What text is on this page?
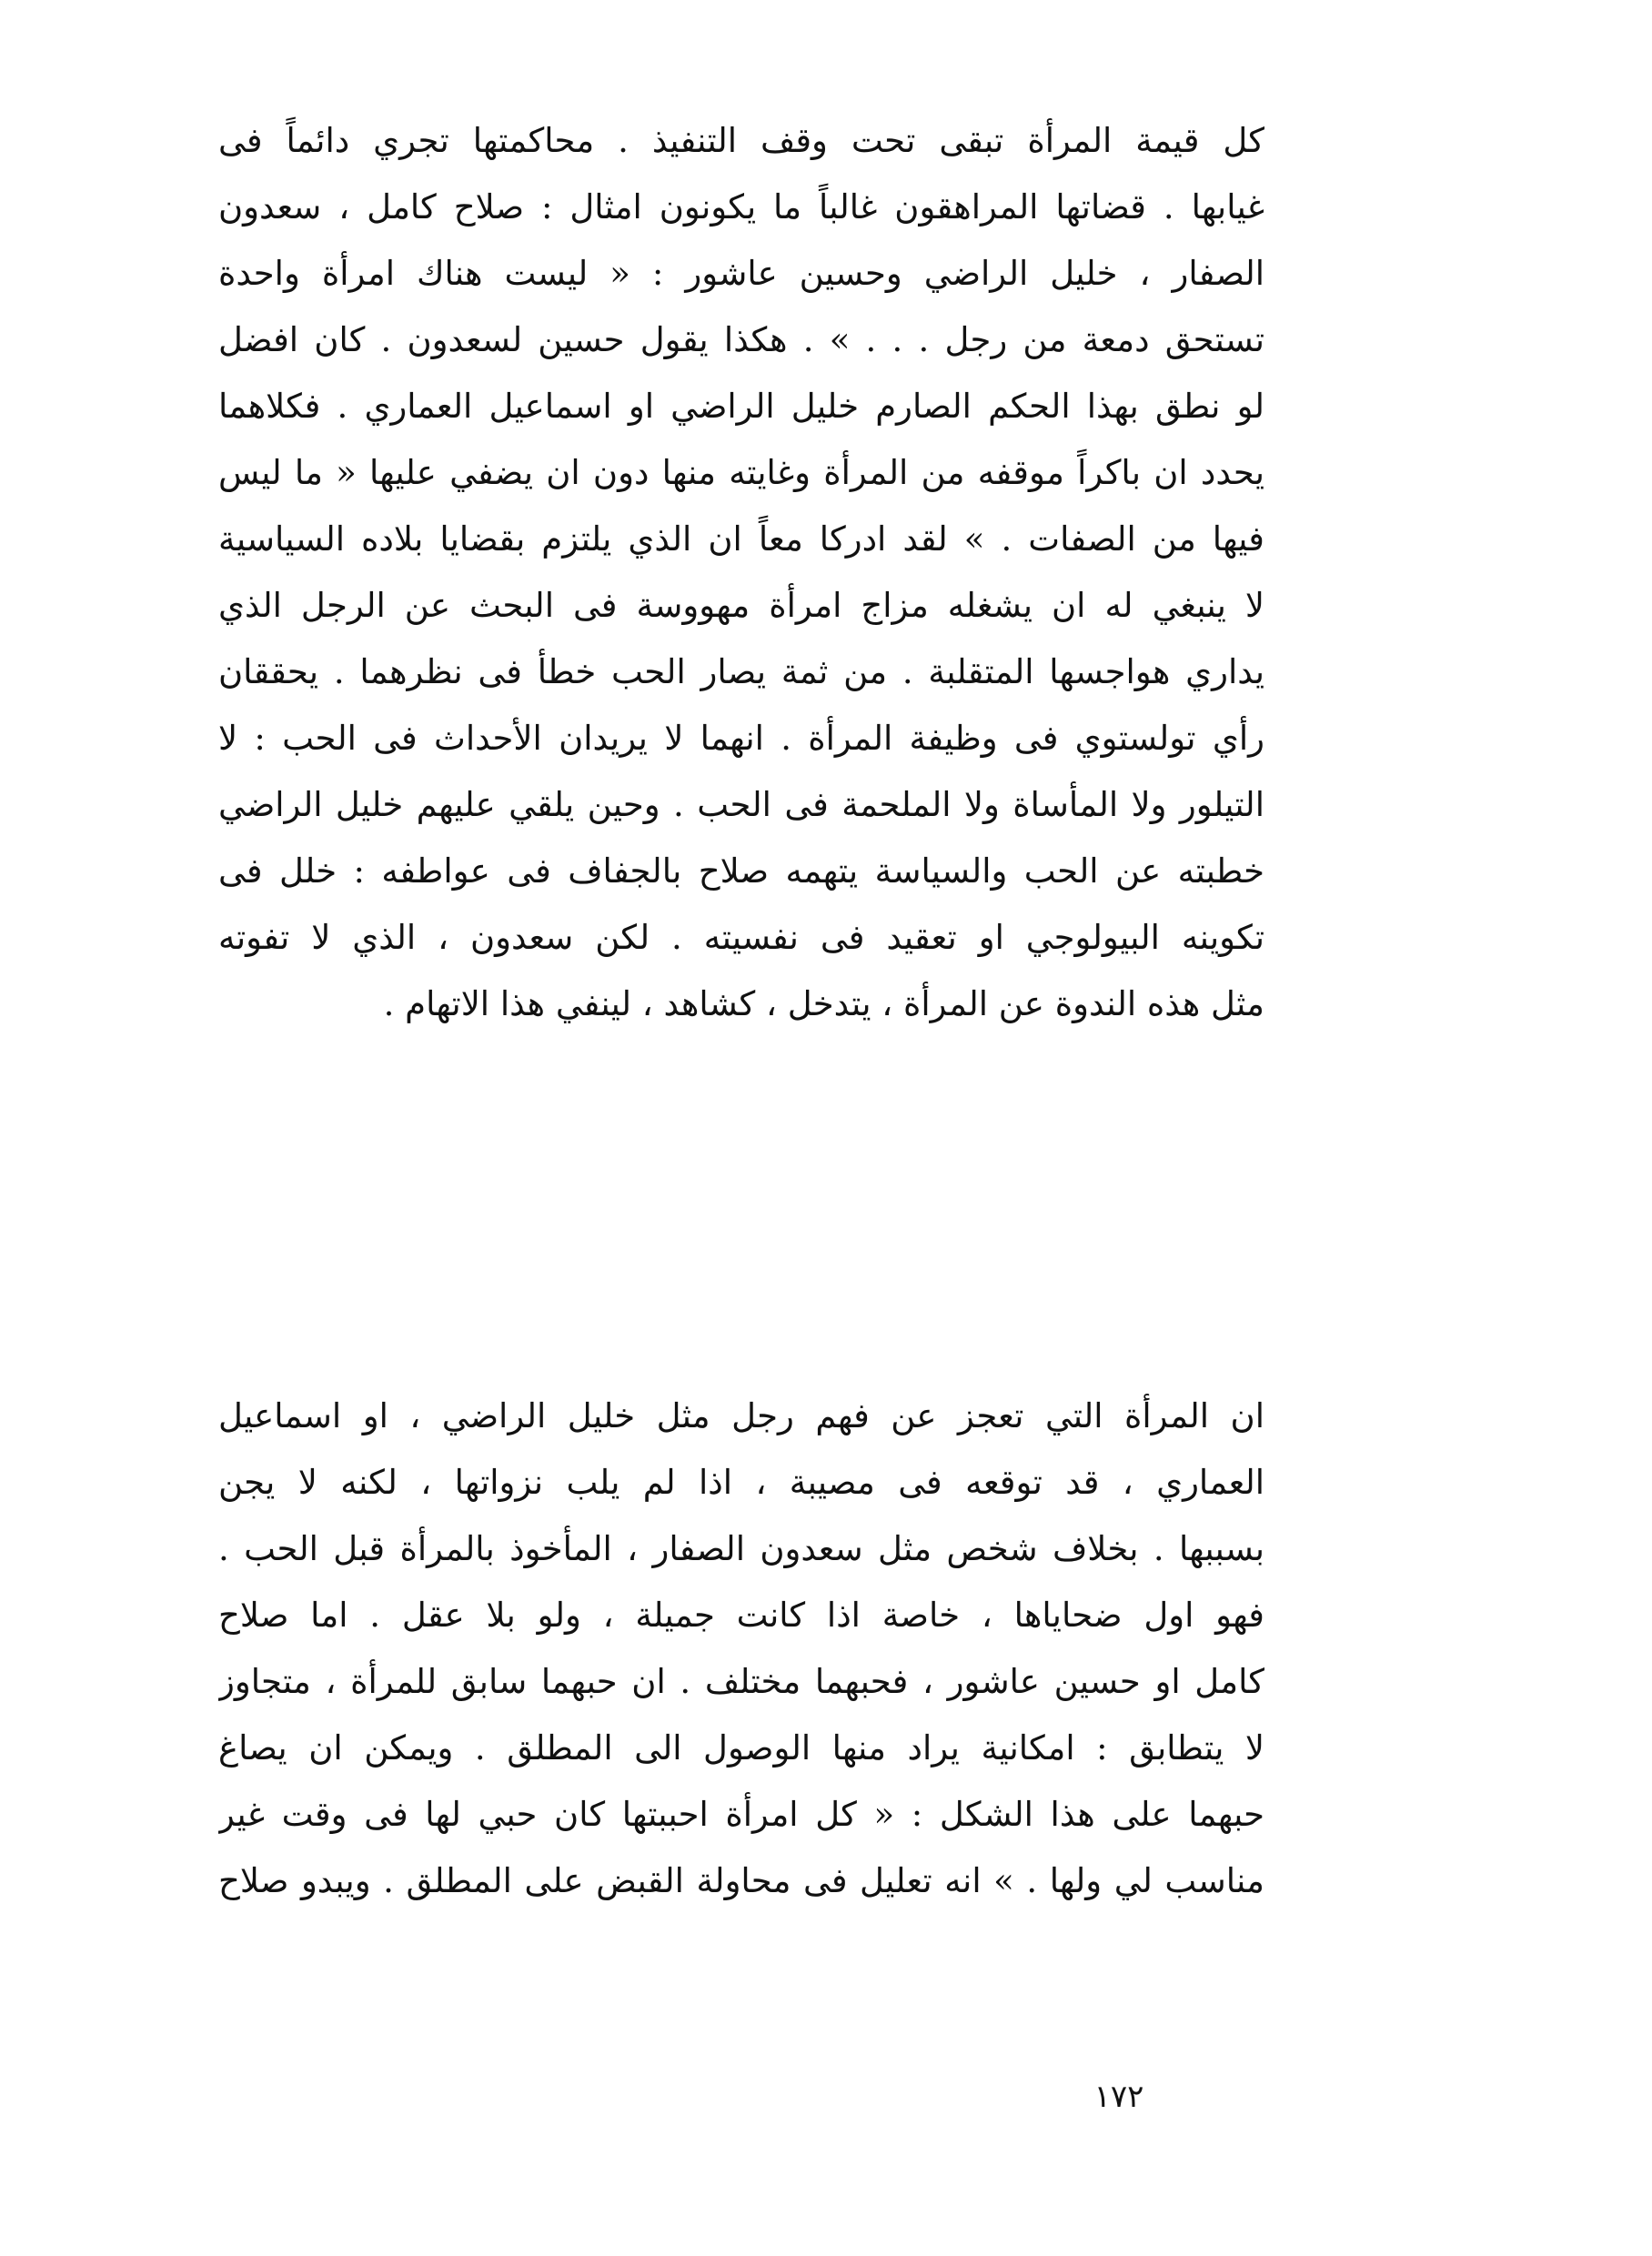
كل قيمة المرأة تبقى تحت وقف التنفيذ . محاكمتها تجري دائماً فى
غيابها . قضاتها المراهقون غالباً ما يكونون امثال : صلاح كامل ، سعدون
الصفار ، خليل الراضي وحسين عاشور : « ليست هناك امرأة واحدة
تستحق دمعة من رجل . . . » . هكذا يقول حسين لسعدون . كان افضل
لو نطق بهذا الحكم الصارم خليل الراضي او اسماعيل العماري . فكلاهما
يحدد ان باكراً موقفه من المرأة وغايته منها دون ان يضفي عليها « ما ليس
فيها من الصفات . » لقد ادركا معاً ان الذي يلتزم بقضايا بلاده السياسية
لا ينبغي له ان يشغله مزاج امرأة مهووسة فى البحث عن الرجل الذي
يداري هواجسها المتقلبة . من ثمة يصار الحب خطأ فى نظرهما . يحققان
رأي تولستوي فى وظيفة المرأة . انهما لا يريدان الأحداث فى الحب : لا
التيلور ولا المأساة ولا الملحمة فى الحب . وحين يلقي عليهم خليل الراضي
خطبته عن الحب والسياسة يتهمه صلاح بالجفاف فى عواطفه : خلل فى
تكوينه البيولوجي او تعقيد فى نفسيته . لكن سعدون ، الذي لا تفوته
مثل هذه الندوة عن المرأة ، يتدخل ، كشاهد ، لينفي هذا الاتهام .
ان المرأة التي تعجز عن فهم رجل مثل خليل الراضي ، او اسماعيل
العماري ، قد توقعه فى مصيبة ، اذا لم يلب نزواتها ، لكنه لا يجن
بسببها . بخلاف شخص مثل سعدون الصفار ، المأخوذ بالمرأة قبل الحب .
فهو اول ضحاياها ، خاصة اذا كانت جميلة ، ولو بلا عقل . اما صلاح
كامل او حسين عاشور ، فحبهما مختلف . ان حبهما سابق للمرأة ، متجاوز
لا يتطابق : امكانية يراد منها الوصول الى المطلق . ويمكن ان يصاغ
حبهما على هذا الشكل : « كل امرأة احببتها كان حبي لها فى وقت غير
مناسب لي ولها . » انه تعليل فى محاولة القبض على المطلق . ويبدو صلاح
١٧٢
